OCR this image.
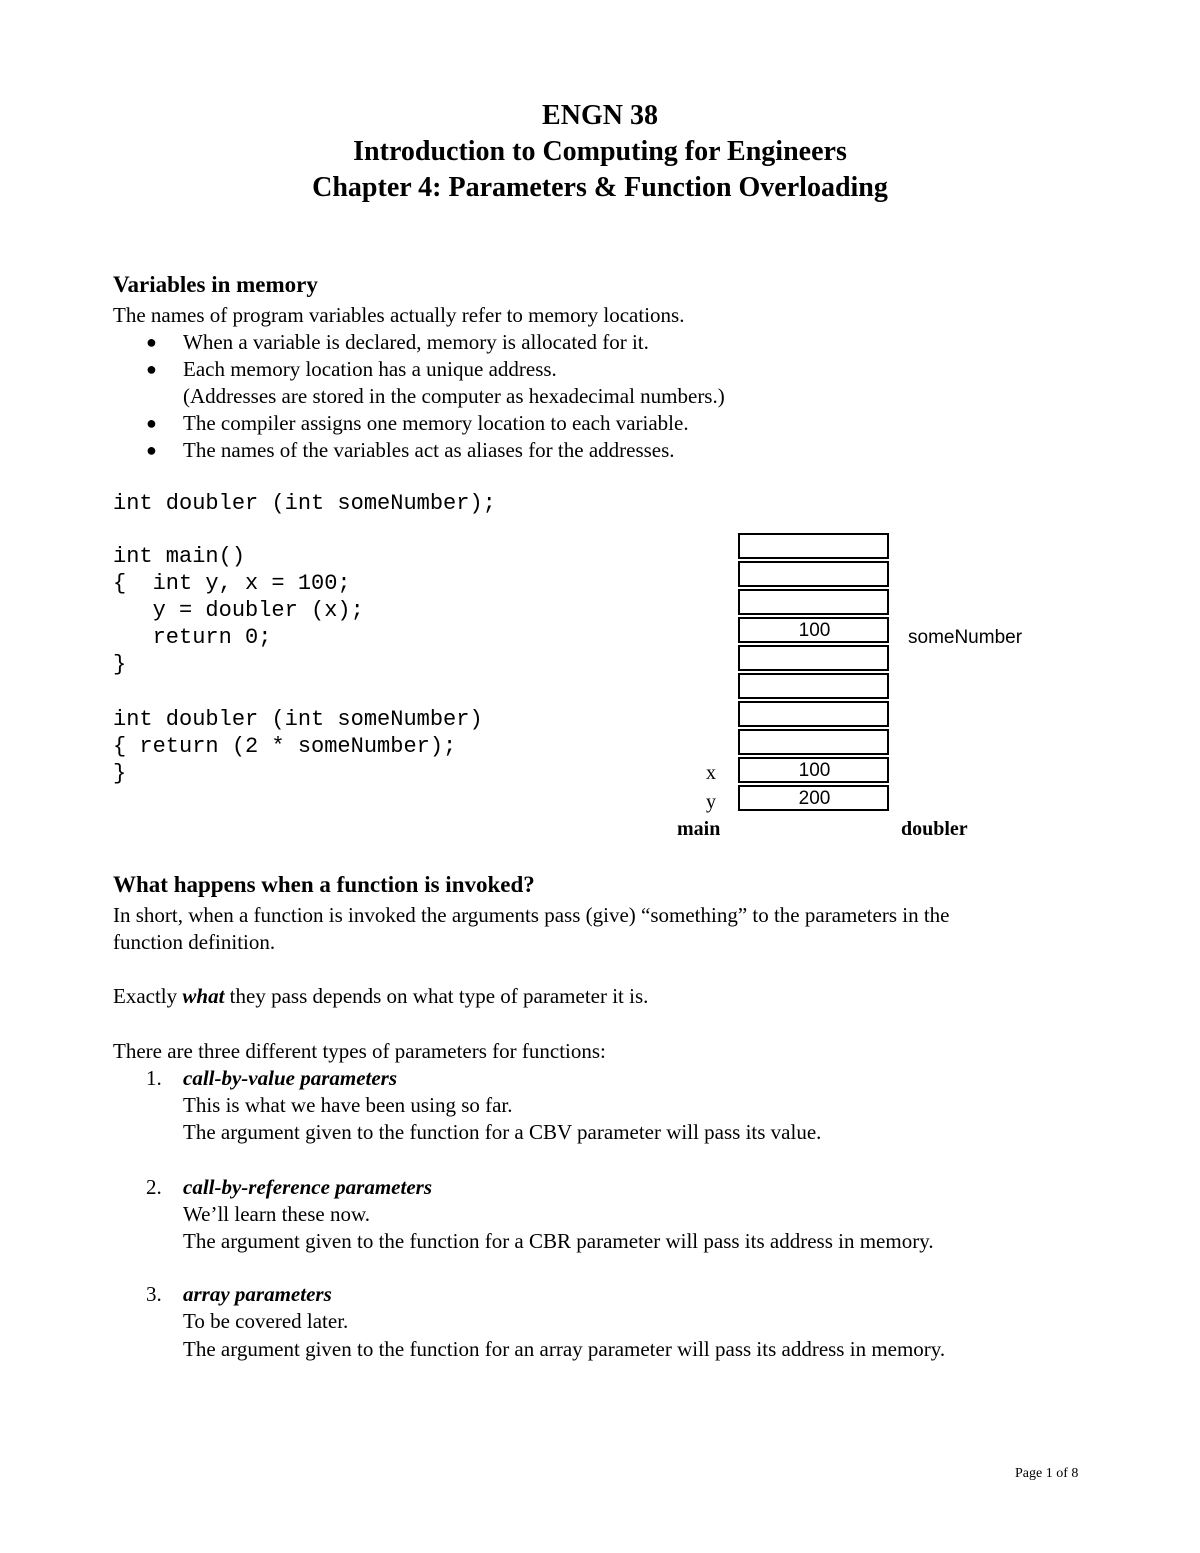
ENGN 38
Introduction to Computing for Engineers
Chapter 4: Parameters & Function Overloading
Variables in memory
The names of program variables actually refer to memory locations.
● When a variable is declared, memory is allocated for it.
● Each memory location has a unique address.
(Addresses are stored in the computer as hexadecimal numbers.)
● The compiler assigns one memory location to each variable.
● The names of the variables act as aliases for the addresses.
int doubler (int someNumber);
int main()
{  int y, x = 100;
y = doubler (x);
return 0;
}
int doubler (int someNumber)
{ return (2 * someNumber);
}
100	someNumber
x	100
y	200
main	doubler
What happens when a function is invoked?
In short, when a function is invoked the arguments pass (give) “something” to the parameters in the
function definition.
Exactly what they pass depends on what type of parameter it is.
There are three different types of parameters for functions:
1. call-by-value parameters
This is what we have been using so far.
The argument given to the function for a CBV parameter will pass its value.
2. call-by-reference parameters
We’ll learn these now.
The argument given to the function for a CBR parameter will pass its address in memory.
3. array parameters
To be covered later.
The argument given to the function for an array parameter will pass its address in memory.
Page 1 of 8
